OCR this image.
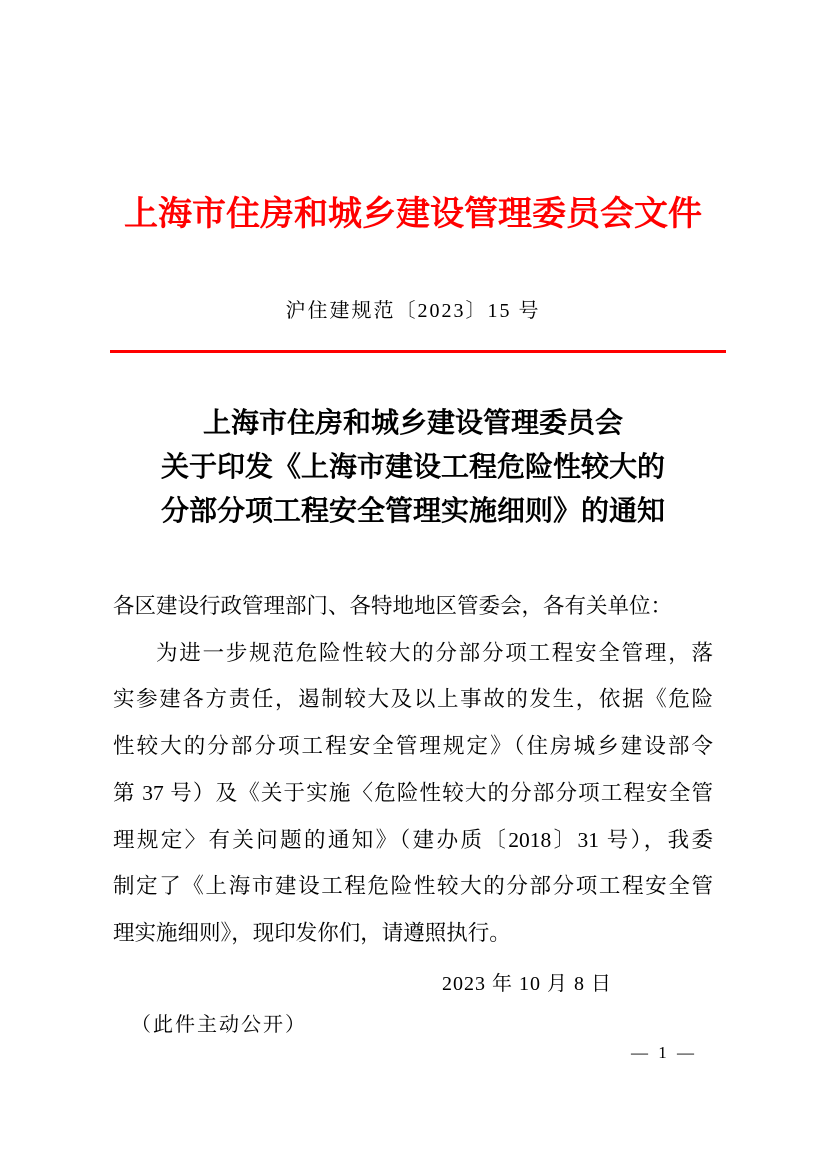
上海市住房和城乡建设管理委员会文件
沪住建规范〔2023〕15 号
上海市住房和城乡建设管理委员会
关于印发《上海市建设工程危险性较大的
分部分项工程安全管理实施细则》的通知
各区建设行政管理部门、各特地地区管委会，各有关单位：
为进一步规范危险性较大的分部分项工程安全管理，落
实参建各方责任，遏制较大及以上事故的发生，依据《危险
性较大的分部分项工程安全管理规定》（住房城乡建设部令
第 37 号）及《关于实施〈危险性较大的分部分项工程安全管
理规定〉有关问题的通知》（建办质〔2018〕31 号），我委
制定了《上海市建设工程危险性较大的分部分项工程安全管
理实施细则》，现印发你们，请遵照执行。
2023 年 10 月 8 日
（此件主动公开）
— 1 —
